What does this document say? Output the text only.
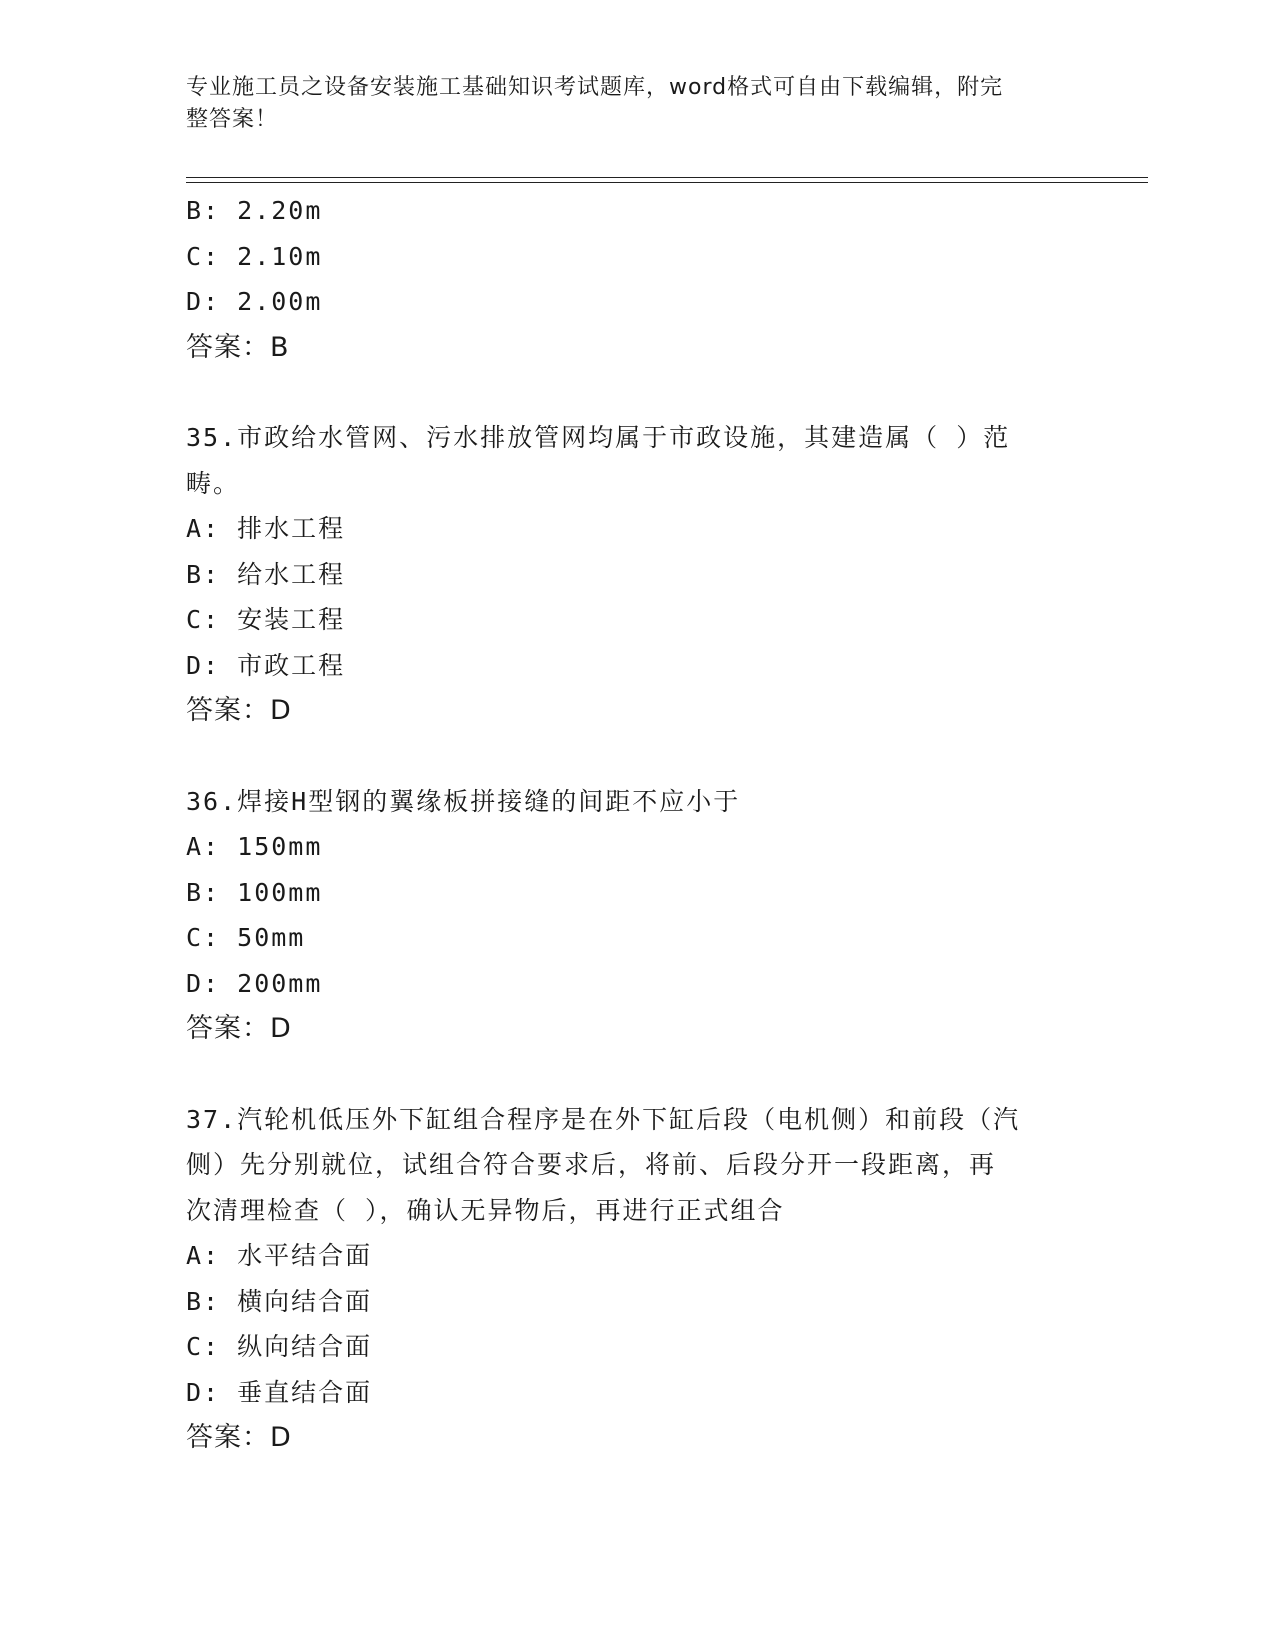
专业施工员之设备安装施工基础知识考试题库，word格式可自由下载编辑，附完
整答案！
B: 2.20m
C: 2.10m
D: 2.00m
答案：B
35.市政给水管网、污水排放管网均属于市政设施，其建造属（ ）范
畴。
A: 排水工程
B: 给水工程
C: 安装工程
D: 市政工程
答案：D
36.焊接H型钢的翼缘板拼接缝的间距不应小于
A: 150mm
B: 100mm
C: 50mm
D: 200mm
答案：D
37.汽轮机低压外下缸组合程序是在外下缸后段（电机侧）和前段（汽
侧）先分别就位，试组合符合要求后，将前、后段分开一段距离，再
次清理检查（ ），确认无异物后，再进行正式组合
A: 水平结合面
B: 横向结合面
C: 纵向结合面
D: 垂直结合面
答案：D
